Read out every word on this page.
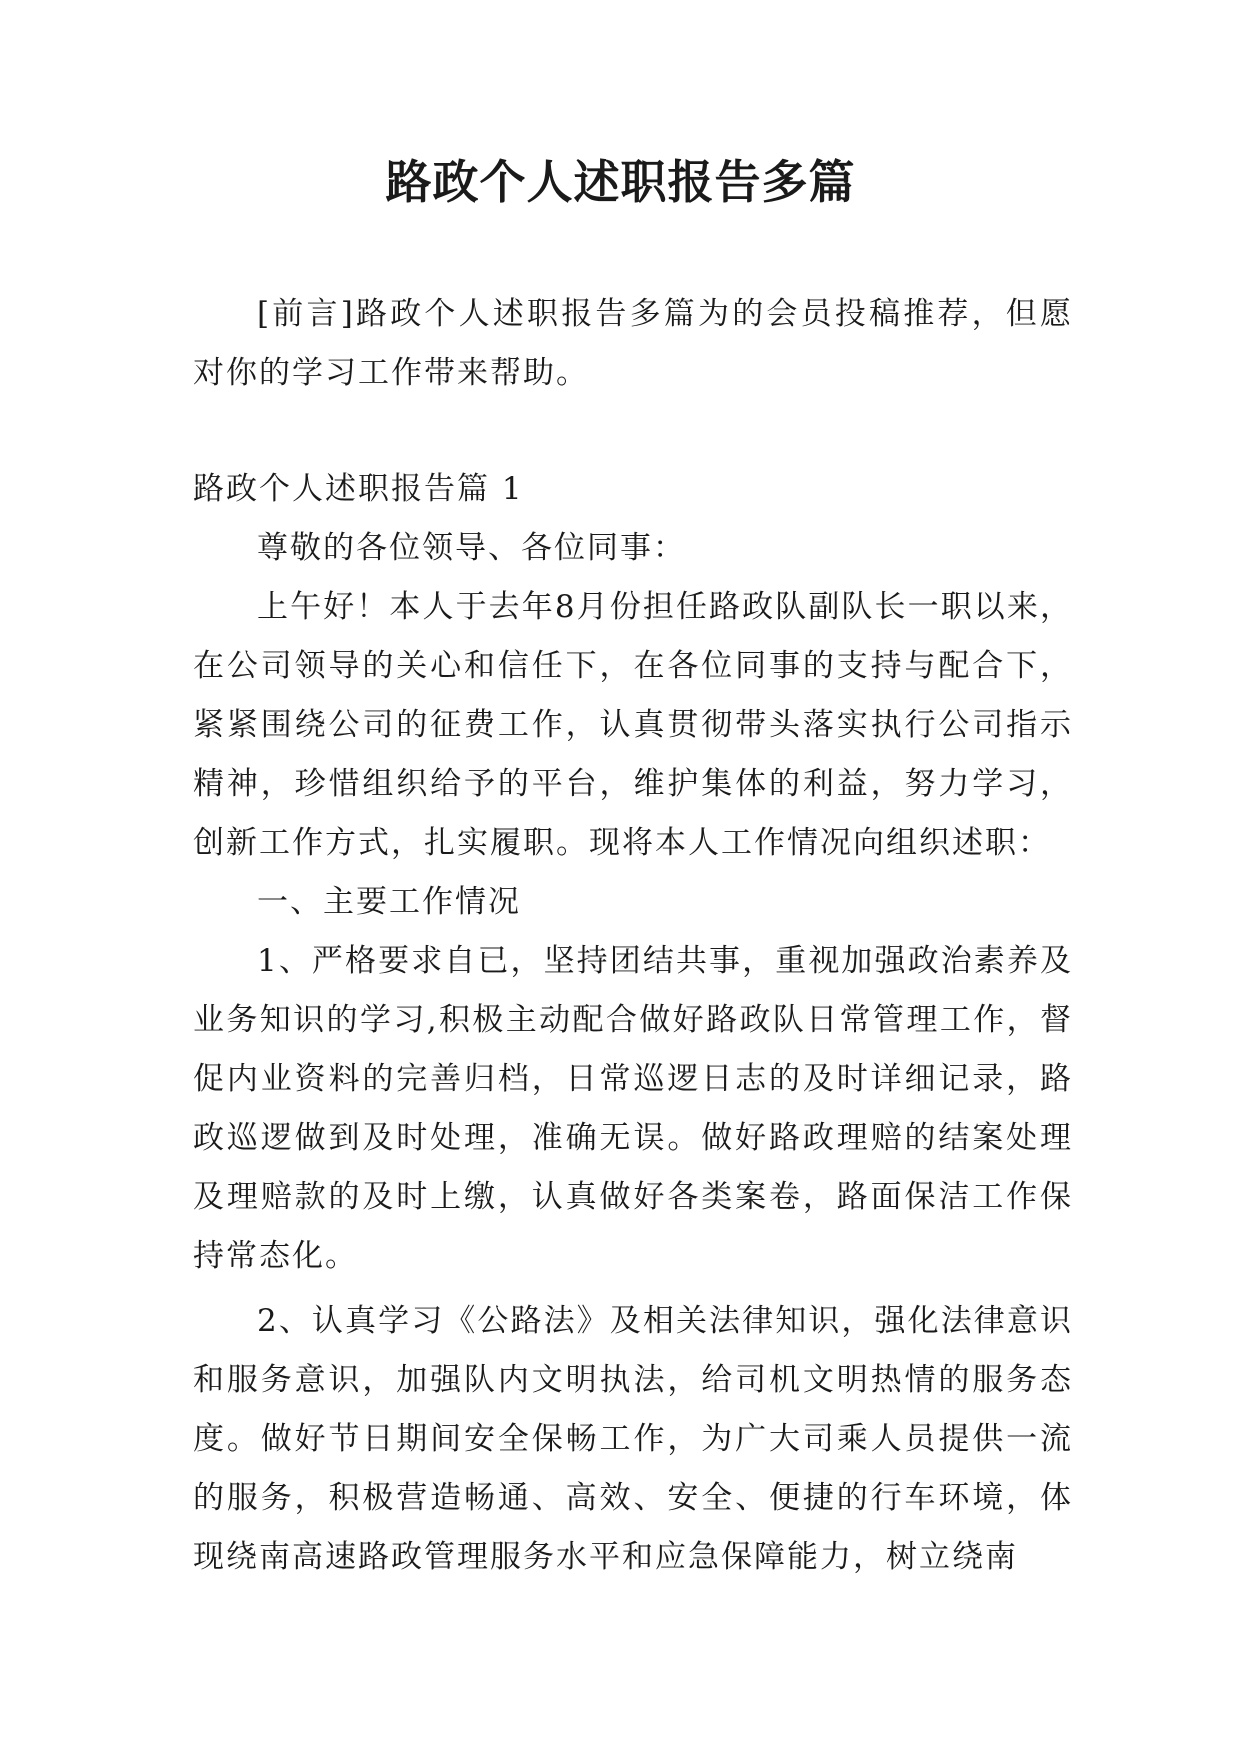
路政个人述职报告多篇

[前言]路政个人述职报告多篇为的会员投稿推荐，但愿对你的学习工作带来帮助。

路政个人述职报告篇 1

尊敬的各位领导、各位同事：

上午好！本人于去年8月份担任路政队副队长一职以来，在公司领导的关心和信任下，在各位同事的支持与配合下，紧紧围绕公司的征费工作，认真贯彻带头落实执行公司指示精神，珍惜组织给予的平台，维护集体的利益，努力学习，创新工作方式，扎实履职。现将本人工作情况向组织述职：

一、主要工作情况

1、严格要求自已，坚持团结共事，重视加强政治素养及业务知识的学习,积极主动配合做好路政队日常管理工作，督促内业资料的完善归档，日常巡逻日志的及时详细记录，路政巡逻做到及时处理，准确无误。做好路政理赔的结案处理及理赔款的及时上缴，认真做好各类案卷，路面保洁工作保持常态化。

2、认真学习《公路法》及相关法律知识，强化法律意识和服务意识，加强队内文明执法，给司机文明热情的服务态度。做好节日期间安全保畅工作，为广大司乘人员提供一流的服务，积极营造畅通、高效、安全、便捷的行车环境，体现绕南高速路政管理服务水平和应急保障能力，树立绕南
